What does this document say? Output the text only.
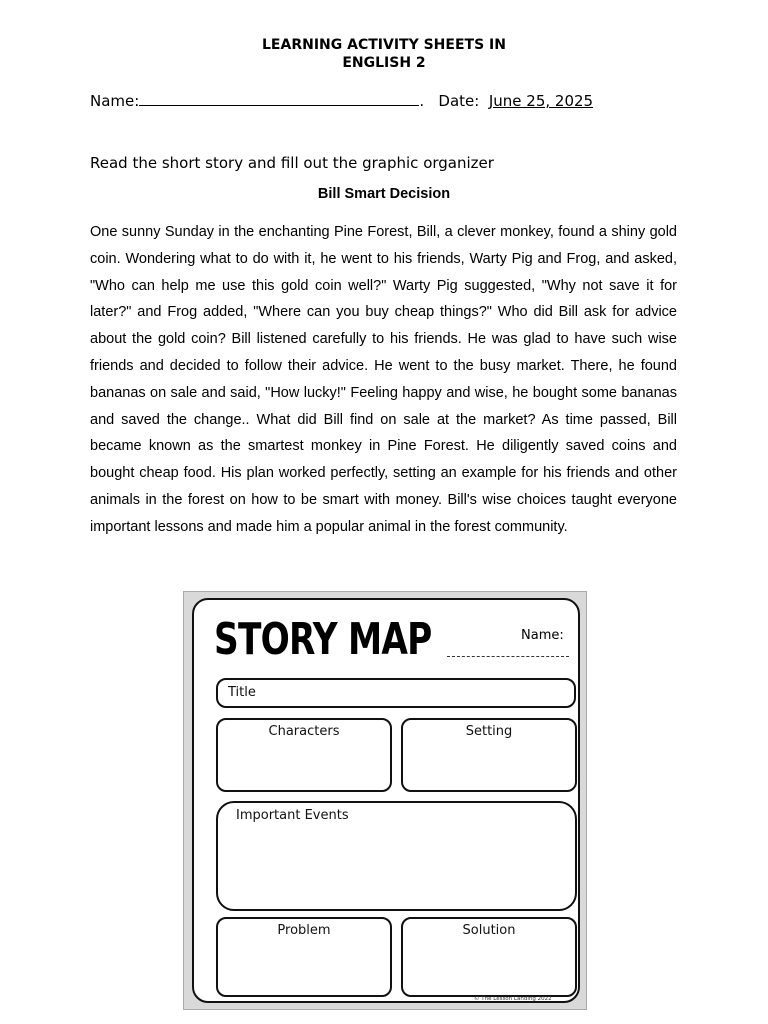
LEARNING ACTIVITY SHEETS IN
ENGLISH 2
Name:	. Date: June 25, 2025

Read the short story and fill out the graphic organizer

Bill Smart Decision

One sunny Sunday in the enchanting Pine Forest, Bill, a clever monkey, found a shiny gold coin. Wondering what to do with it, he went to his friends, Warty Pig and Frog, and asked, "Who can help me use this gold coin well?" Warty Pig suggested, "Why not save it for later?" and Frog added, "Where can you buy cheap things?" Who did Bill ask for advice about the gold coin? Bill listened carefully to his friends. He was glad to have such wise friends and decided to follow their advice. He went to the busy market. There, he found bananas on sale and said, "How lucky!" Feeling happy and wise, he bought some bananas and saved the change.. What did Bill find on sale at the market? As time passed, Bill became known as the smartest monkey in Pine Forest. He diligently saved coins and bought cheap food. His plan worked perfectly, setting an example for his friends and other animals in the forest on how to be smart with money. Bill's wise choices taught everyone important lessons and made him a popular animal in the forest community.

STORY MAP	Name:
Title
Characters	Setting
Important Events
Problem	Solution
© The Lesson Landing 2022
